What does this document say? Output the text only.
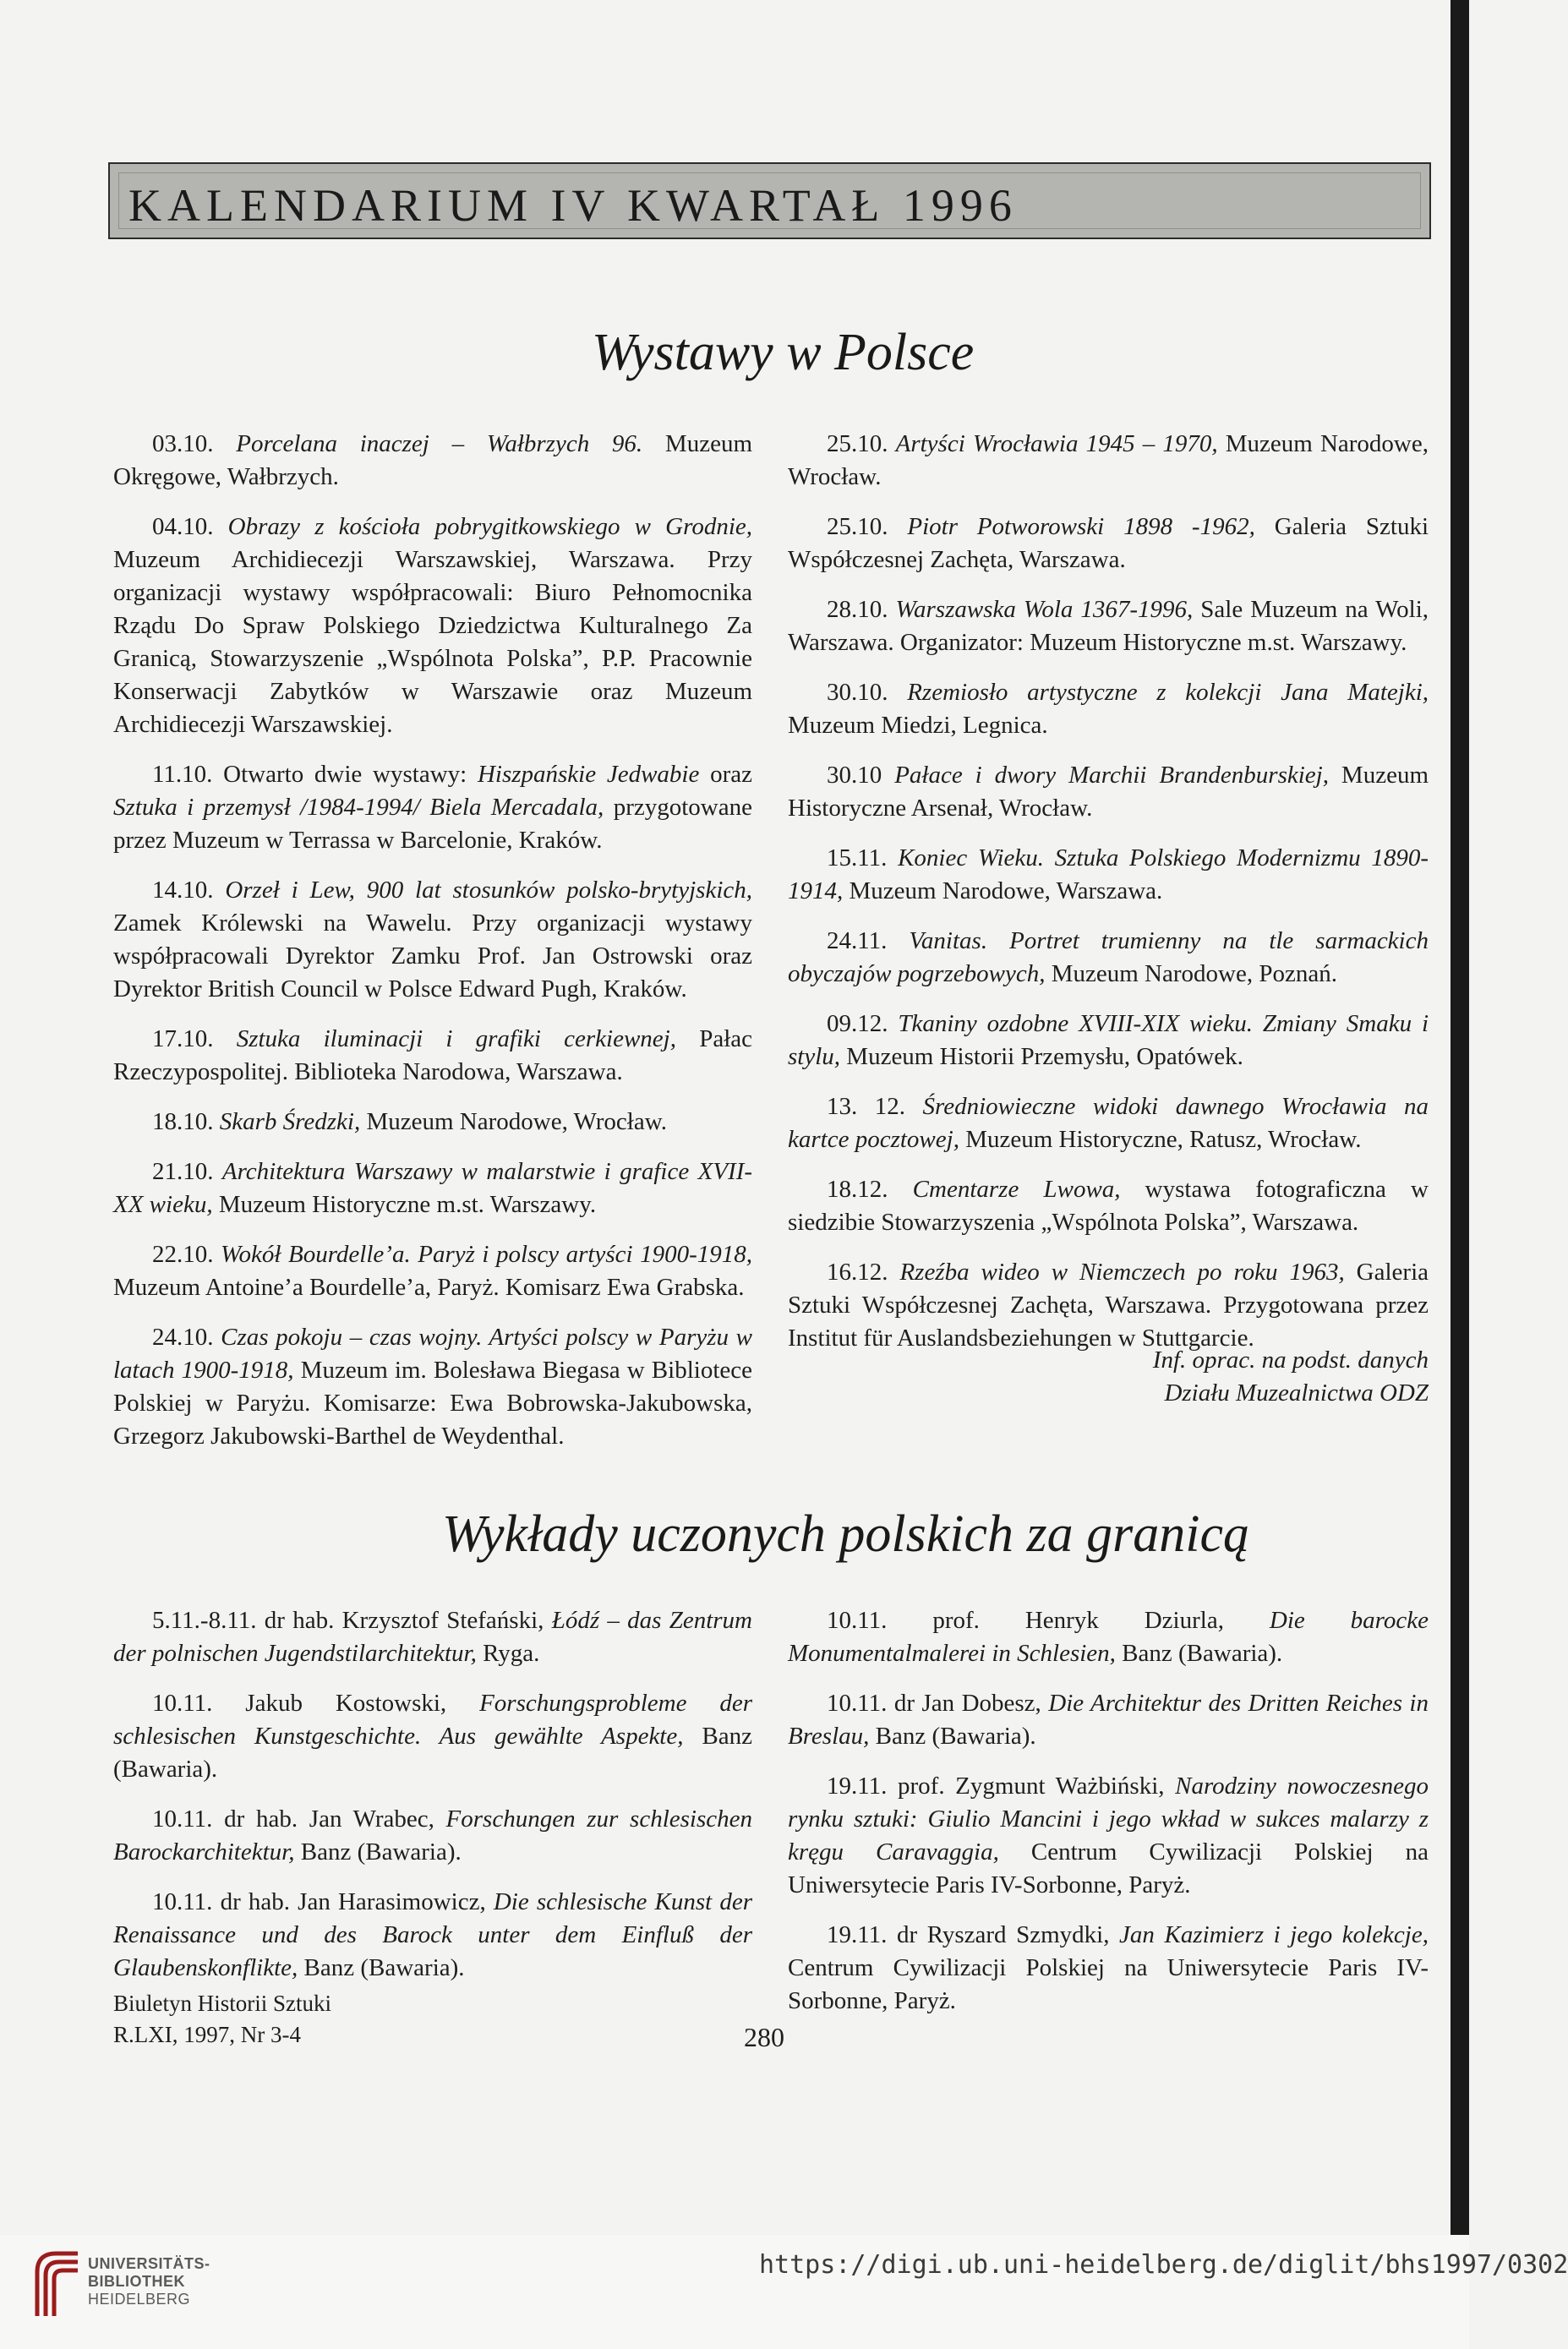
KALENDARIUM IV KWARTAŁ 1996
Wystawy w Polsce

03.10. Porcelana inaczej – Wałbrzych 96. Muzeum Okręgowe, Wałbrzych.

04.10. Obrazy z kościoła pobrygitkowskiego w Grodnie, Muzeum Archidiecezji Warszawskiej, Warszawa. Przy organizacji wystawy współpracowali: Biuro Pełnomocnika Rządu Do Spraw Polskiego Dziedzictwa Kulturalnego Za Granicą, Stowarzyszenie „Wspólnota Polska”, P.P. Pracownie Konserwacji Zabytków w Warszawie oraz Muzeum Archidiecezji Warszawskiej.

11.10. Otwarto dwie wystawy: Hiszpańskie Jedwabie oraz Sztuka i przemysł /1984-1994/ Biela Mercadala, przygotowane przez Muzeum w Terrassa w Barcelonie, Kraków.

14.10. Orzeł i Lew, 900 lat stosunków polsko-brytyjskich, Zamek Królewski na Wawelu. Przy organizacji wystawy współpracowali Dyrektor Zamku Prof. Jan Ostrowski oraz Dyrektor British Council w Polsce Edward Pugh, Kraków.

17.10. Sztuka iluminacji i grafiki cerkiewnej, Pałac Rzeczypospolitej. Biblioteka Narodowa, Warszawa.

18.10. Skarb Średzki, Muzeum Narodowe, Wrocław.

21.10. Architektura Warszawy w malarstwie i grafice XVII-XX wieku, Muzeum Historyczne m.st. Warszawy.

22.10. Wokół Bourdelle’a. Paryż i polscy artyści 1900-1918, Muzeum Antoine’a Bourdelle’a, Paryż. Komisarz Ewa Grabska.

24.10. Czas pokoju – czas wojny. Artyści polscy w Paryżu w latach 1900-1918, Muzeum im. Bolesława Biegasa w Bibliotece Polskiej w Paryżu. Komisarze: Ewa Bobrowska-Jakubowska, Grzegorz Jakubowski-Barthel de Weydenthal.

25.10. Artyści Wrocławia 1945 – 1970, Muzeum Narodowe, Wrocław.

25.10. Piotr Potworowski 1898 -1962, Galeria Sztuki Współczesnej Zachęta, Warszawa.

28.10. Warszawska Wola 1367-1996, Sale Muzeum na Woli, Warszawa. Organizator: Muzeum Historyczne m.st. Warszawy.

30.10. Rzemiosło artystyczne z kolekcji Jana Matejki, Muzeum Miedzi, Legnica.

30.10 Pałace i dwory Marchii Brandenburskiej, Muzeum Historyczne Arsenał, Wrocław.

15.11. Koniec Wieku. Sztuka Polskiego Modernizmu 1890-1914, Muzeum Narodowe, Warszawa.

24.11. Vanitas. Portret trumienny na tle sarmackich obyczajów pogrzebowych, Muzeum Narodowe, Poznań.

09.12. Tkaniny ozdobne XVIII-XIX wieku. Zmiany Smaku i stylu, Muzeum Historii Przemysłu, Opatówek.

13. 12. Średniowieczne widoki dawnego Wrocławia na kartce pocztowej, Muzeum Historyczne, Ratusz, Wrocław.

18.12. Cmentarze Lwowa, wystawa fotograficzna w siedzibie Stowarzyszenia „Wspólnota Polska”, Warszawa.

16.12. Rzeźba wideo w Niemczech po roku 1963, Galeria Sztuki Współczesnej Zachęta, Warszawa. Przygotowana przez Institut für Auslandsbeziehungen w Stuttgarcie.

Inf. oprac. na podst. danych
Działu Muzealnictwa ODZ
Wykłady uczonych polskich za granicą

5.11.-8.11. dr hab. Krzysztof Stefański, Łódź – das Zentrum der polnischen Jugendstilarchitektur, Ryga.

10.11. Jakub Kostowski, Forschungsprobleme der schlesischen Kunstgeschichte. Aus gewählte Aspekte, Banz (Bawaria).

10.11. dr hab. Jan Wrabec, Forschungen zur schlesischen Barockarchitektur, Banz (Bawaria).

10.11. dr hab. Jan Harasimowicz, Die schlesische Kunst der Renaissance und des Barock unter dem Einfluß der Glaubenskonflikte, Banz (Bawaria).

10.11. prof. Henryk Dziurla, Die barocke Monumentalmalerei in Schlesien, Banz (Bawaria).

10.11. dr Jan Dobesz, Die Architektur des Dritten Reiches in Breslau, Banz (Bawaria).

19.11. prof. Zygmunt Ważbiński, Narodziny nowoczesnego rynku sztuki: Giulio Mancini i jego wkład w sukces malarzy z kręgu Caravaggia, Centrum Cywilizacji Polskiej na Uniwersytecie Paris IV-Sorbonne, Paryż.

19.11. dr Ryszard Szmydki, Jan Kazimierz i jego kolekcje, Centrum Cywilizacji Polskiej na Uniwersytecie Paris IV-Sorbonne, Paryż.

Biuletyn Historii Sztuki
R.LXI, 1997, Nr 3-4	280
UNIVERSITÄTS-
BIBLIOTHEK
HEIDELBERG
https://digi.ub.uni-heidelberg.de/diglit/bhs1997/0302
